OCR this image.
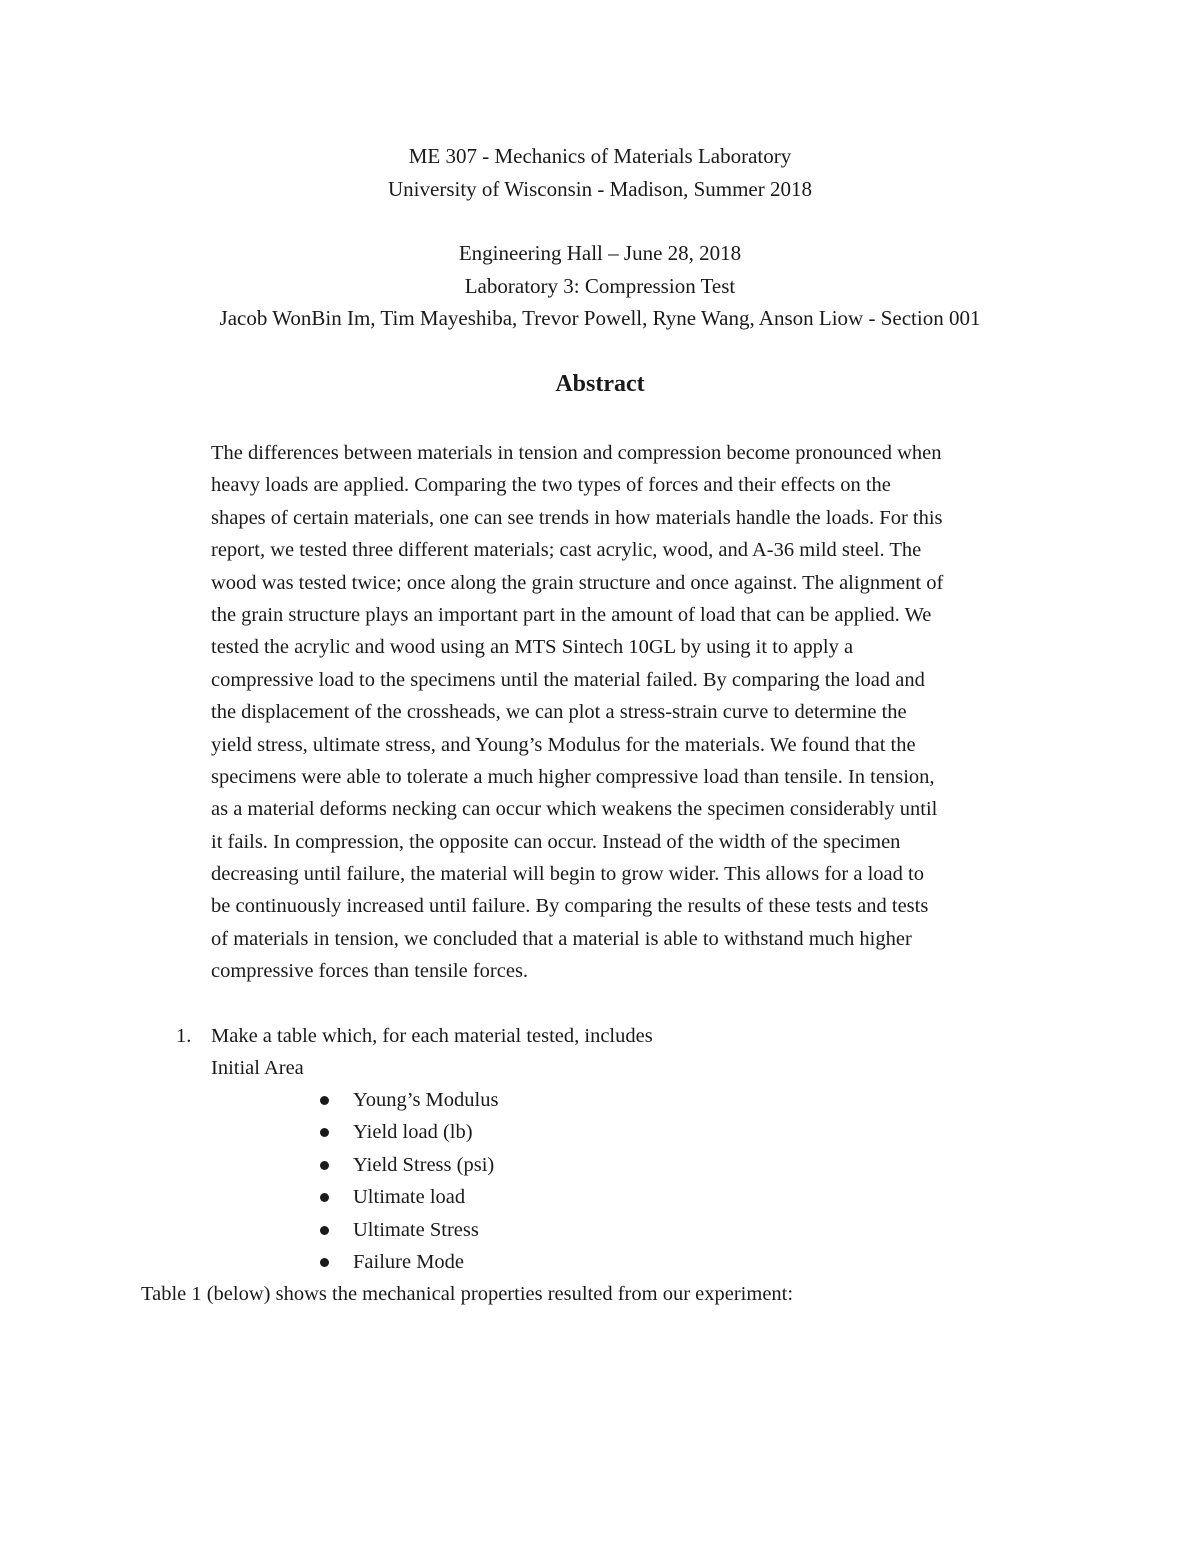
ME 307 - Mechanics of Materials Laboratory
University of Wisconsin - Madison, Summer 2018
Engineering Hall – June 28, 2018
Laboratory 3: Compression Test
Jacob WonBin Im, Tim Mayeshiba, Trevor Powell, Ryne Wang, Anson Liow - Section 001
Abstract
The differences between materials in tension and compression become pronounced when
heavy loads are applied. Comparing the two types of forces and their effects on the
shapes of certain materials, one can see trends in how materials handle the loads. For this
report, we tested three different materials; cast acrylic, wood, and A-36 mild steel. The
wood was tested twice; once along the grain structure and once against. The alignment of
the grain structure plays an important part in the amount of load that can be applied. We
tested the acrylic and wood using an MTS Sintech 10GL by using it to apply a
compressive load to the specimens until the material failed. By comparing the load and
the displacement of the crossheads, we can plot a stress-strain curve to determine the
yield stress, ultimate stress, and Young’s Modulus for the materials. We found that the
specimens were able to tolerate a much higher compressive load than tensile. In tension,
as a material deforms necking can occur which weakens the specimen considerably until
it fails. In compression, the opposite can occur. Instead of the width of the specimen
decreasing until failure, the material will begin to grow wider. This allows for a load to
be continuously increased until failure. By comparing the results of these tests and tests
of materials in tension, we concluded that a material is able to withstand much higher
compressive forces than tensile forces.
1. Make a table which, for each material tested, includes
Initial Area
Young’s Modulus
Yield load (lb)
Yield Stress (psi)
Ultimate load
Ultimate Stress
Failure Mode
Table 1 (below) shows the mechanical properties resulted from our experiment:
